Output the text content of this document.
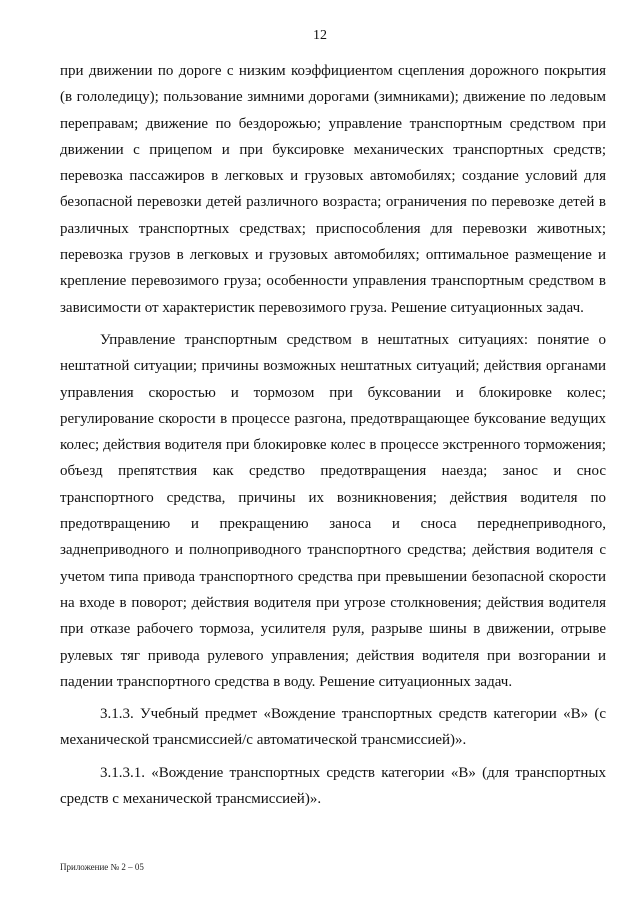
12

при движении по дороге с низким коэффициентом сцепления дорожного покрытия (в гололедицу); пользование зимними дорогами (зимниками); движение по ледовым переправам; движение по бездорожью; управление транспортным средством при движении с прицепом и при буксировке механических транспортных средств; перевозка пассажиров в легковых и грузовых автомобилях; создание условий для безопасной перевозки детей различного возраста; ограничения по перевозке детей в различных транспортных средствах; приспособления для перевозки животных; перевозка грузов в легковых и грузовых автомобилях; оптимальное размещение и крепление перевозимого груза; особенности управления транспортным средством в зависимости от характеристик перевозимого груза. Решение ситуационных задач.

Управление транспортным средством в нештатных ситуациях: понятие о нештатной ситуации; причины возможных нештатных ситуаций; действия органами управления скоростью и тормозом при буксовании и блокировке колес; регулирование скорости в процессе разгона, предотвращающее буксование ведущих колес; действия водителя при блокировке колес в процессе экстренного торможения; объезд препятствия как средство предотвращения наезда; занос и снос транспортного средства, причины их возникновения; действия водителя по предотвращению и прекращению заноса и сноса переднеприводного, заднеприводного и полноприводного транспортного средства; действия водителя с учетом типа привода транспортного средства при превышении безопасной скорости на входе в поворот; действия водителя при угрозе столкновения; действия водителя при отказе рабочего тормоза, усилителя руля, разрыве шины в движении, отрыве рулевых тяг привода рулевого управления; действия водителя при возгорании и падении транспортного средства в воду. Решение ситуационных задач.

3.1.3. Учебный предмет «Вождение транспортных средств категории «В» (с механической трансмиссией/с автоматической трансмиссией)».

3.1.3.1. «Вождение транспортных средств категории «В» (для транспортных средств с механической трансмиссией)».

Приложение № 2 – 05
